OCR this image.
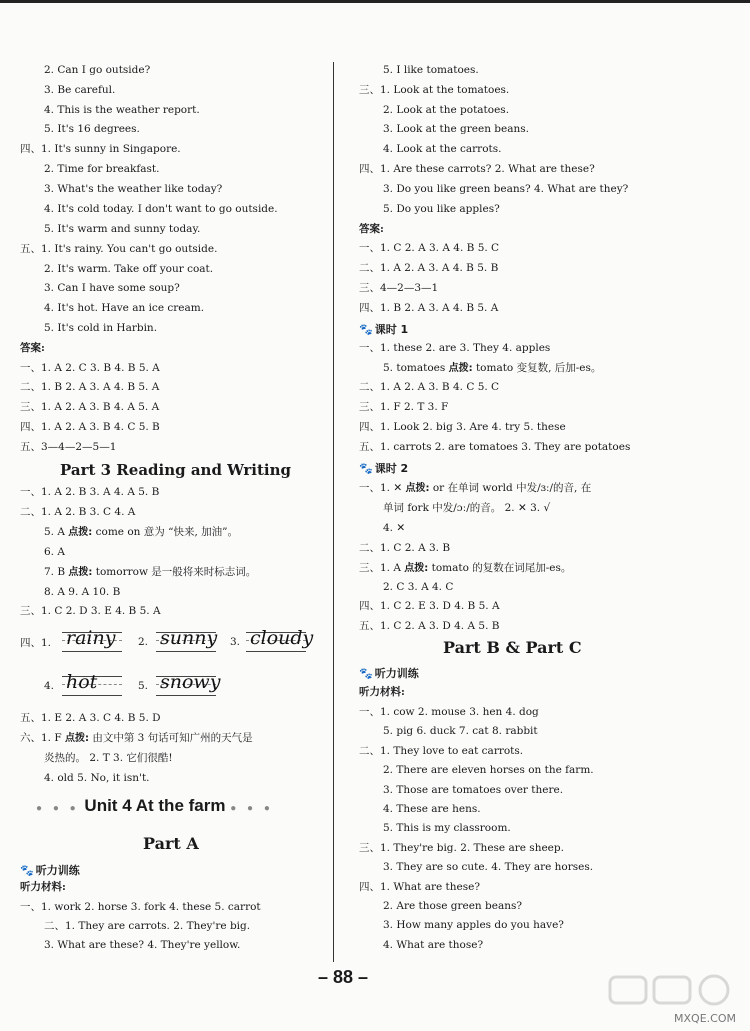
2. Can I go outside?
3. Be careful.
4. This is the weather report.
5. It's 16 degrees.
四、1. It's sunny in Singapore.
2. Time for breakfast.
3. What's the weather like today?
4. It's cold today. I don't want to go outside.
5. It's warm and sunny today.
五、1. It's rainy. You can't go outside.
2. It's warm. Take off your coat.
3. Can I have some soup?
4. It's hot. Have an ice cream.
5. It's cold in Harbin.
答案:
一、1. A 2. C 3. B 4. B 5. A
二、1. B 2. A 3. A 4. B 5. A
三、1. A 2. A 3. B 4. A 5. A
四、1. A 2. A 3. B 4. C 5. B
五、3—4—2—5—1
Part 3 Reading and Writing
一、1. A 2. B 3. A 4. A 5. B
二、1. A 2. B 3. C 4. A
5. A 点拨: come on 意为 “快来, 加油”。
6. A
7. B 点拨: tomorrow 是一般将来时标志词。
8. A 9. A 10. B
三、1. C 2. D 3. E 4. B 5. A
四、1. rainy 2. sunny 3. cloudy
4. hot	5. snowy
五、1. E 2. A 3. C 4. B 5. D
六、1. F 点拨: 由文中第 3 句话可知广州的天气是
炎热的。 2. T 3. 它们很酷!
4. old 5. No, it isn't.
● ● ● Unit 4 At the farm ● ● ●
Part A
🐾 听力训练
听力材料:
一、1. work 2. horse 3. fork 4. these 5. carrot
二、1. They are carrots. 2. They're big.
3. What are these? 4. They're yellow.
5. I like tomatoes.
三、1. Look at the tomatoes.
2. Look at the potatoes.
3. Look at the green beans.
4. Look at the carrots.
四、1. Are these carrots? 2. What are these?
3. Do you like green beans? 4. What are they?
5. Do you like apples?
答案:
一、1. C 2. A 3. A 4. B 5. C
二、1. A 2. A 3. A 4. B 5. B
三、4—2—3—1
四、1. B 2. A 3. A 4. B 5. A
🐾 课时 1
一、1. these 2. are 3. They 4. apples
5. tomatoes 点拨: tomato 变复数, 后加-es。
二、1. A 2. A 3. B 4. C 5. C
三、1. F 2. T 3. F
四、1. Look 2. big 3. Are 4. try 5. these
五、1. carrots 2. are tomatoes 3. They are potatoes
🐾 课时 2
一、1. ✕ 点拨: or 在单词 world 中发/ɜː/的音, 在
单词 fork 中发/ɔː/的音。 2. ✕ 3. √
4. ✕
二、1. C 2. A 3. B
三、1. A 点拨: tomato 的复数在词尾加-es。
2. C 3. A 4. C
四、1. C 2. E 3. D 4. B 5. A
五、1. C 2. A 3. D 4. A 5. B
Part B & Part C
🐾 听力训练
听力材料:
一、1. cow 2. mouse 3. hen 4. dog
5. pig 6. duck 7. cat 8. rabbit
二、1. They love to eat carrots.
2. There are eleven horses on the farm.
3. Those are tomatoes over there.
4. These are hens.
5. This is my classroom.
三、1. They're big. 2. These are sheep.
3. They are so cute. 4. They are horses.
四、1. What are these?
2. Are those green beans?
3. How many apples do you have?
4. What are those?
– 88 –
MXQE.COM
